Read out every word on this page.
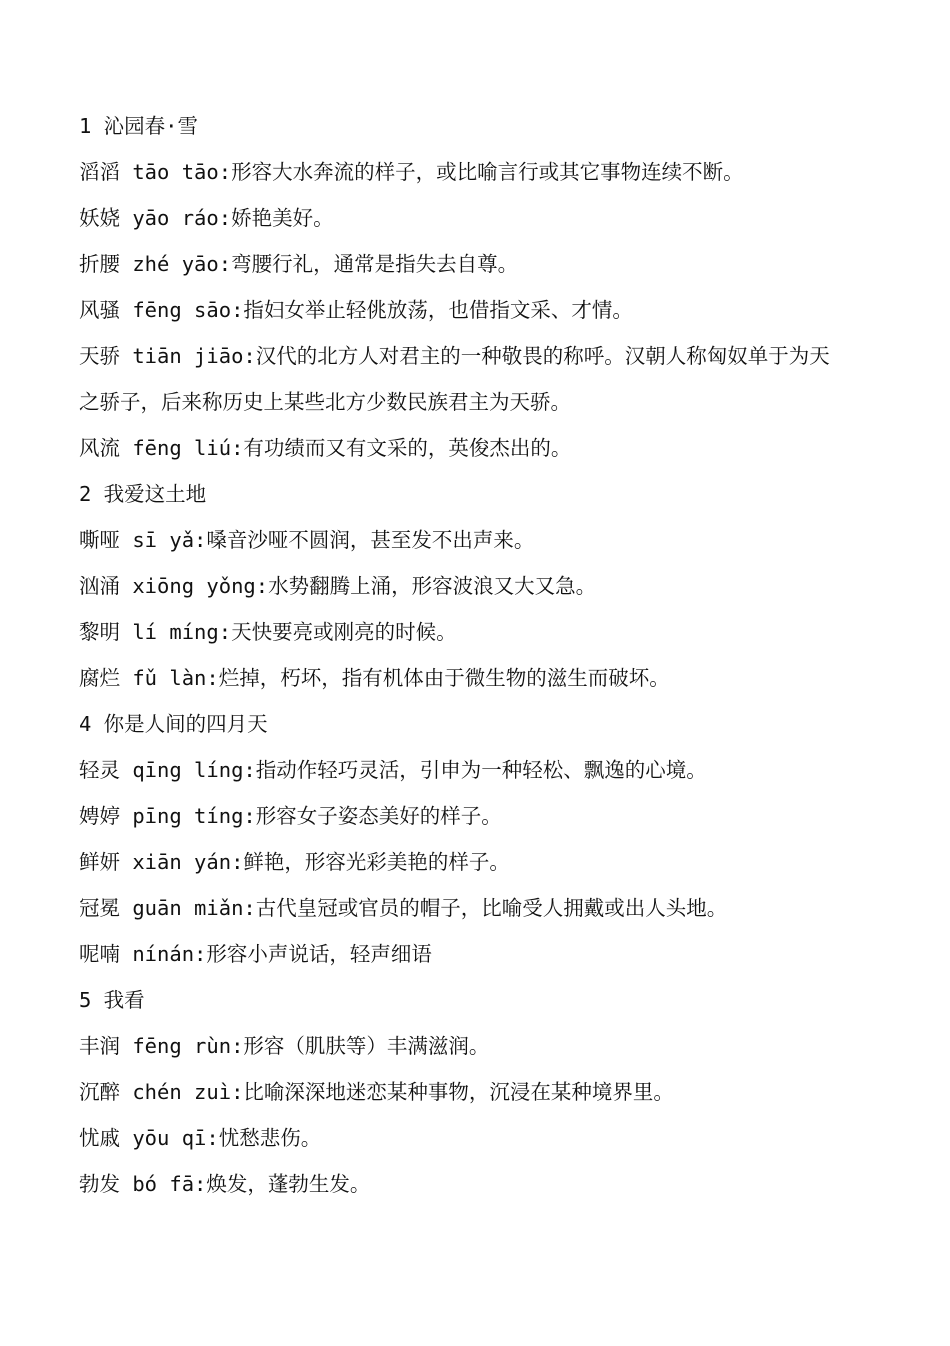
1 沁园春·雪
滔滔 tāo tāo:形容大水奔流的样子，或比喻言行或其它事物连续不断。
妖娆 yāo ráo:娇艳美好。
折腰 zhé yāo:弯腰行礼，通常是指失去自尊。
风骚 fēng sāo:指妇女举止轻佻放荡，也借指文采、才情。
天骄 tiān jiāo:汉代的北方人对君主的一种敬畏的称呼。汉朝人称匈奴单于为天
之骄子，后来称历史上某些北方少数民族君主为天骄。
风流 fēng liú:有功绩而又有文采的，英俊杰出的。
2 我爱这土地
嘶哑 sī yǎ:嗓音沙哑不圆润，甚至发不出声来。
汹涌 xiōng yǒng:水势翻腾上涌，形容波浪又大又急。
黎明 lí míng:天快要亮或刚亮的时候。
腐烂 fǔ làn:烂掉，朽坏，指有机体由于微生物的滋生而破坏。
4 你是人间的四月天
轻灵 qīng líng:指动作轻巧灵活，引申为一种轻松、飘逸的心境。
娉婷 pīng tíng:形容女子姿态美好的样子。
鲜妍 xiān yán:鲜艳，形容光彩美艳的样子。
冠冕 guān miǎn:古代皇冠或官员的帽子，比喻受人拥戴或出人头地。
呢喃 nínán:形容小声说话，轻声细语
5 我看
丰润 fēng rùn:形容（肌肤等）丰满滋润。
沉醉 chén zuì:比喻深深地迷恋某种事物，沉浸在某种境界里。
忧戚 yōu qī:忧愁悲伤。
勃发 bó fā:焕发，蓬勃生发。
